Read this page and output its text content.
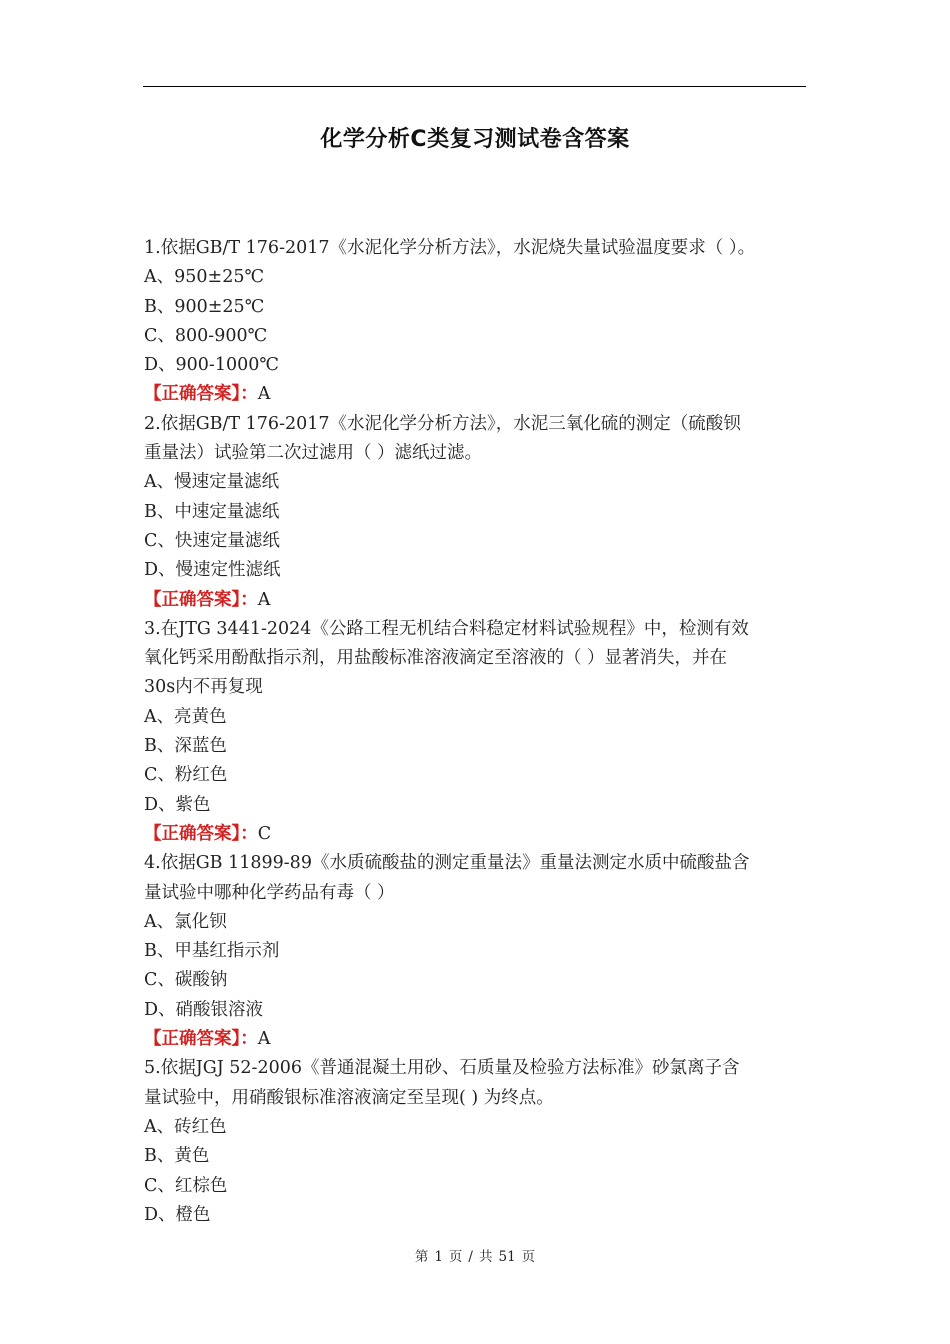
化学分析C类复习测试卷含答案
1.依据GB/T 176-2017《水泥化学分析方法》，水泥烧失量试验温度要求（ ）。
A、950±25℃
B、900±25℃
C、800-900℃
D、900-1000℃
【正确答案】：A
2.依据GB/T 176-2017《水泥化学分析方法》，水泥三氧化硫的测定（硫酸钡
重量法）试验第二次过滤用（ ）滤纸过滤。
A、慢速定量滤纸
B、中速定量滤纸
C、快速定量滤纸
D、慢速定性滤纸
【正确答案】：A
3.在JTG 3441-2024《公路工程无机结合料稳定材料试验规程》中，检测有效
氧化钙采用酚酞指示剂，用盐酸标准溶液滴定至溶液的（ ）显著消失，并在
30s内不再复现
A、亮黄色
B、深蓝色
C、粉红色
D、紫色
【正确答案】：C
4.依据GB 11899-89《水质硫酸盐的测定重量法》重量法测定水质中硫酸盐含
量试验中哪种化学药品有毒（ ）
A、氯化钡
B、甲基红指示剂
C、碳酸钠
D、硝酸银溶液
【正确答案】：A
5.依据JGJ 52-2006《普通混凝土用砂、石质量及检验方法标准》砂氯离子含
量试验中，用硝酸银标准溶液滴定至呈现( ) 为终点。
A、砖红色
B、黄色
C、红棕色
D、橙色
第 1 页 / 共 51 页
